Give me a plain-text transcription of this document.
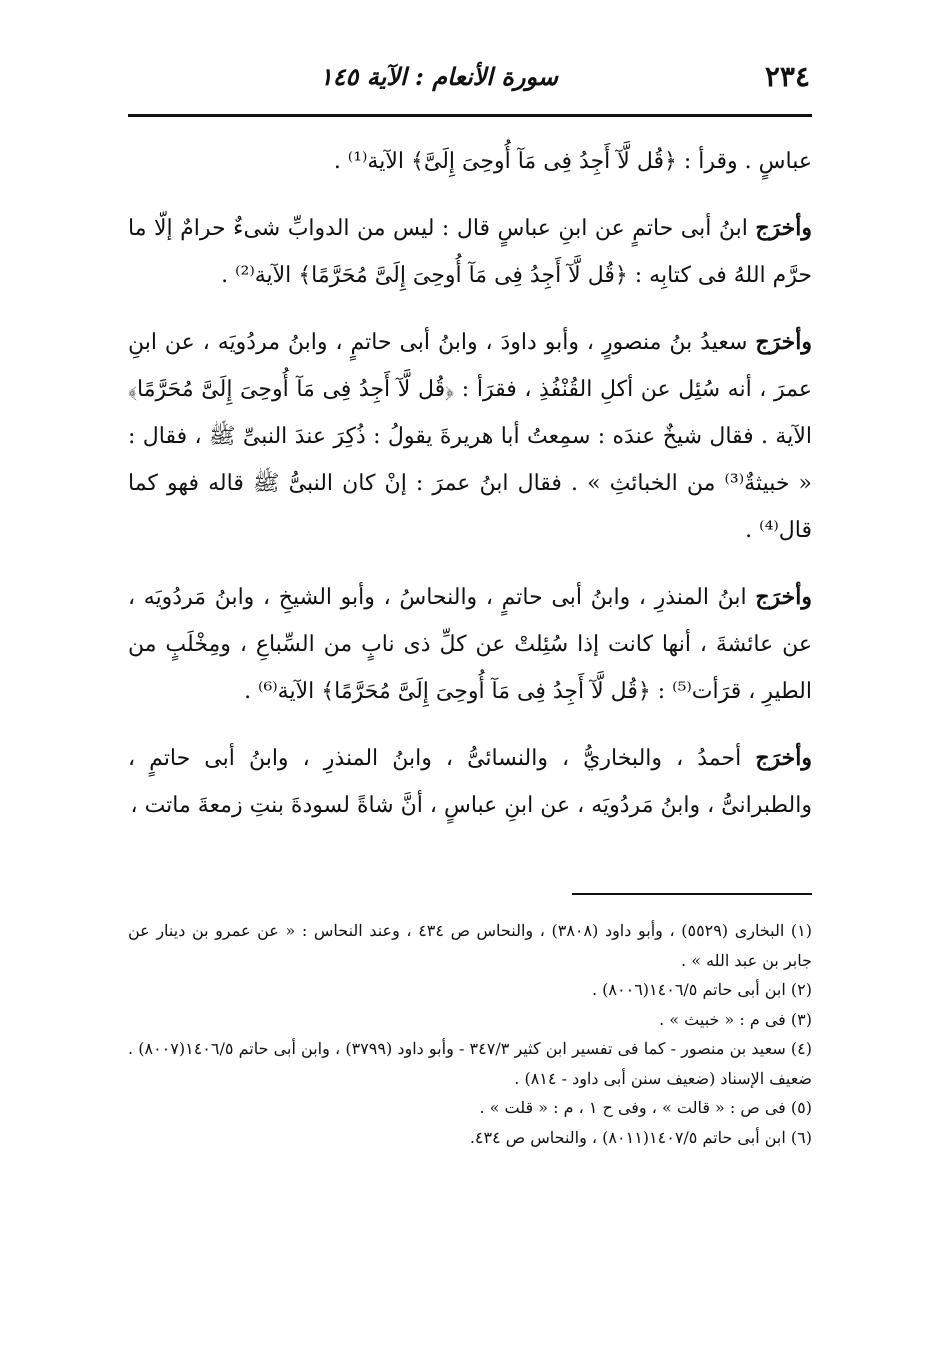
٢٣٤
سورة الأنعام : الآية ١٤٥

عباسٍ . وقرأ : ﴿قُل لَّآ أَجِدُ فِى مَآ أُوحِىَ إِلَىَّ﴾ الآية⁽¹⁾ .

وأخرَج ابنُ أبى حاتمٍ عن ابنِ عباسٍ قال : ليس من الدوابِّ شىءٌ حرامٌ إلّا ما حرَّم اللهُ فى كتابِه : ﴿قُل لَّآ أَجِدُ فِى مَآ أُوحِىَ إِلَىَّ مُحَرَّمًا﴾ الآية⁽²⁾ .

وأخرَج سعيدُ بنُ منصورٍ ، وأبو داودَ ، وابنُ أبى حاتمٍ ، وابنُ مردُويَه ، عن ابنِ عمرَ ، أنه سُئِل عن أكلِ القُنْفُذِ ، فقرَأ : ﴿قُل لَّآ أَجِدُ فِى مَآ أُوحِىَ إِلَىَّ مُحَرَّمًا﴾ الآية . فقال شيخٌ عندَه : سمِعتُ أبا هريرةَ يقولُ : ذُكِرَ عندَ النبىِّ ﷺ ، فقال : « خبيثةٌ⁽³⁾ من الخبائثِ » . فقال ابنُ عمرَ : إنْ كان النبىُّ ﷺ قاله فهو كما قال⁽⁴⁾ .

وأخرَج ابنُ المنذرِ ، وابنُ أبى حاتمٍ ، والنحاسُ ، وأبو الشيخِ ، وابنُ مَردُويَه ، عن عائشةَ ، أنها كانت إذا سُئِلتْ عن كلِّ ذى نابٍ من السِّباعِ ، ومِخْلَبٍ من الطيرِ ، قرَأت⁽⁵⁾ : ﴿قُل لَّآ أَجِدُ فِى مَآ أُوحِىَ إِلَىَّ مُحَرَّمًا﴾ الآية⁽⁶⁾ .

وأخرَج أحمدُ ، والبخاريُّ ، والنسائىُّ ، وابنُ المنذرِ ، وابنُ أبى حاتمٍ ، والطبرانىُّ ، وابنُ مَردُويَه ، عن ابنِ عباسٍ ، أنَّ شاةً لسودةَ بنتِ زمعةَ ماتت ،

(١) البخارى (٥٥٢٩) ، وأبو داود (٣٨٠٨) ، والنحاس ص ٤٣٤ ، وعند النحاس : « عن عمرو بن دينار عن جابر بن عبد الله » .

(٢) ابن أبى حاتم ١٤٠٦/٥(٨٠٠٦) .

(٣) فى م : « خبيث » .

(٤) سعيد بن منصور - كما فى تفسير ابن كثير ٣٤٧/٣ - وأبو داود (٣٧٩٩) ، وابن أبى حاتم ١٤٠٦/٥(٨٠٠٧) . ضعيف الإسناد (ضعيف سنن أبى داود - ٨١٤) .

(٥) فى ص : « قالت » ، وفى ح ١ ، م : « قلت » .

(٦) ابن أبى حاتم ١٤٠٧/٥(٨٠١١) ، والنحاس ص ٤٣٤.
